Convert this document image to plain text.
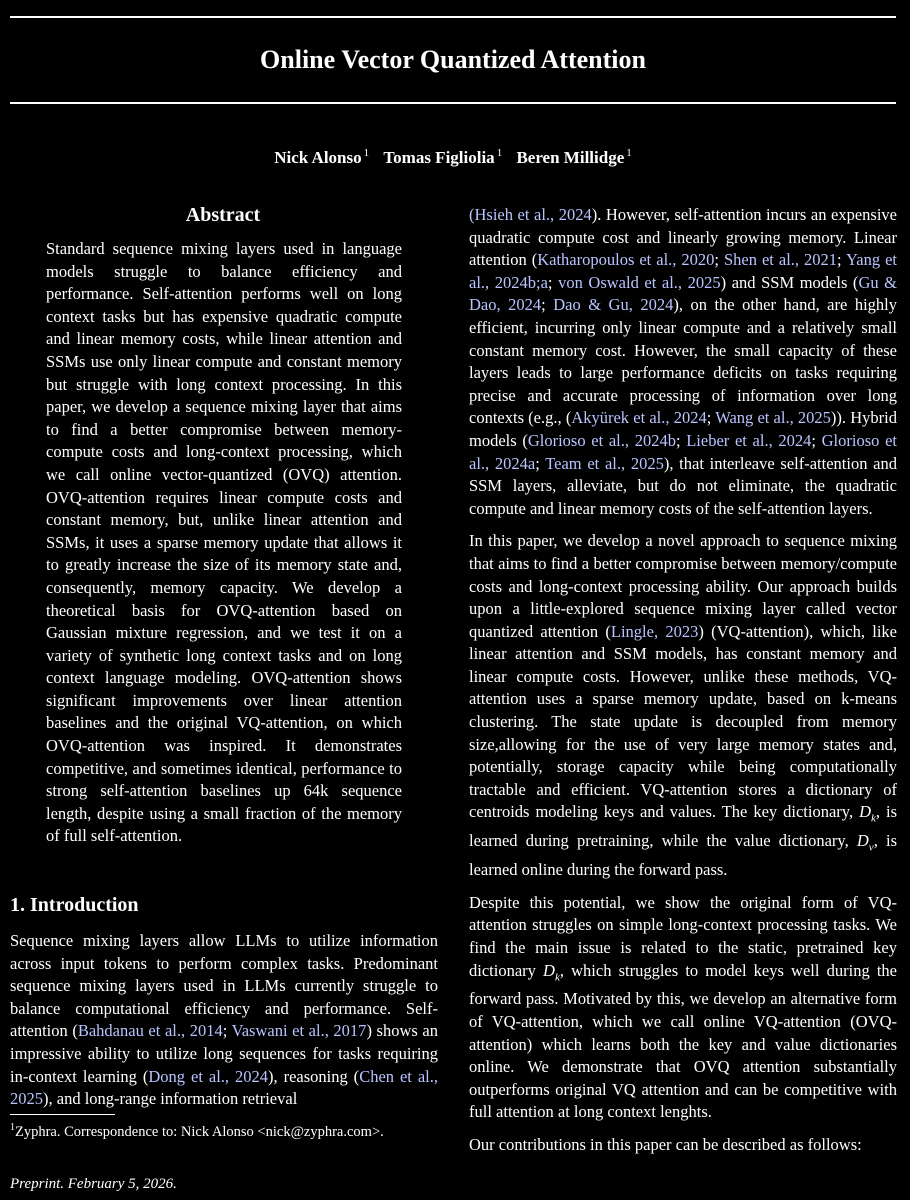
Online Vector Quantized Attention
Nick Alonso $^1$ Tomas Figliolia $^1$ Beren Millidge $^1$
Abstract
Standard sequence mixing layers used in language models struggle to balance efficiency and performance. Self-attention performs well on long context tasks but has expensive quadratic compute and linear memory costs, while linear attention and SSMs use only linear compute and constant memory but struggle with long context processing. In this paper, we develop a sequence mixing layer that aims to find a better compromise between memory-compute costs and long-context processing, which we call online vector-quantized (OVQ) attention. OVQ-attention requires linear compute costs and constant memory, but, unlike linear attention and SSMs, it uses a sparse memory update that allows it to greatly increase the size of its memory state and, consequently, memory capacity. We develop a theoretical basis for OVQ-attention based on Gaussian mixture regression, and we test it on a variety of synthetic long context tasks and on long context language modeling. OVQ-attention shows significant improvements over linear attention baselines and the original VQ-attention, on which OVQ-attention was inspired. It demonstrates competitive, and sometimes identical, performance to strong self-attention baselines up 64k sequence length, despite using a small fraction of the memory of full self-attention.
1. Introduction
Sequence mixing layers allow LLMs to utilize information across input tokens to perform complex tasks. Predominant sequence mixing layers used in LLMs currently struggle to balance computational efficiency and performance. Self-attention (Bahdanau et al., 2014; Vaswani et al., 2017) shows an impressive ability to utilize long sequences for tasks requiring in-context learning (Dong et al., 2024), reasoning (Chen et al., 2025), and long-range information retrieval
$^1$Zyphra. Correspondence to: Nick Alonso <nick@zyphra.com>.
Preprint. February 5, 2026.

(Hsieh et al., 2024). However, self-attention incurs an expensive quadratic compute cost and linearly growing memory. Linear attention (Katharopoulos et al., 2020; Shen et al., 2021; Yang et al., 2024b;a; von Oswald et al., 2025) and SSM models (Gu & Dao, 2024; Dao & Gu, 2024), on the other hand, are highly efficient, incurring only linear compute and a relatively small constant memory cost. However, the small capacity of these layers leads to large performance deficits on tasks requiring precise and accurate processing of information over long contexts (e.g., (Akyürek et al., 2024; Wang et al., 2025)). Hybrid models (Glorioso et al., 2024b; Lieber et al., 2024; Glorioso et al., 2024a; Team et al., 2025), that interleave self-attention and SSM layers, alleviate, but do not eliminate, the quadratic compute and linear memory costs of the self-attention layers.

In this paper, we develop a novel approach to sequence mixing that aims to find a better compromise between memory/compute costs and long-context processing ability. Our approach builds upon a little-explored sequence mixing layer called vector quantized attention (Lingle, 2023) (VQ-attention), which, like linear attention and SSM models, has constant memory and linear compute costs. However, unlike these methods, VQ-attention uses a sparse memory update, based on k-means clustering. The state update is decoupled from memory size,allowing for the use of very large memory states and, potentially, storage capacity while being computationally tractable and efficient. VQ-attention stores a dictionary of centroids modeling keys and values. The key dictionary, $D_k$, is learned during pretraining, while the value dictionary, $D_v$, is learned online during the forward pass.

Despite this potential, we show the original form of VQ-attention struggles on simple long-context processing tasks. We find the main issue is related to the static, pretrained key dictionary $D_k$, which struggles to model keys well during the forward pass. Motivated by this, we develop an alternative form of VQ-attention, which we call online VQ-attention (OVQ-attention) which learns both the key and value dictionaries online. We demonstrate that OVQ attention substantially outperforms original VQ attention and can be competitive with full attention at long context lenghts.

Our contributions in this paper can be described as follows:
